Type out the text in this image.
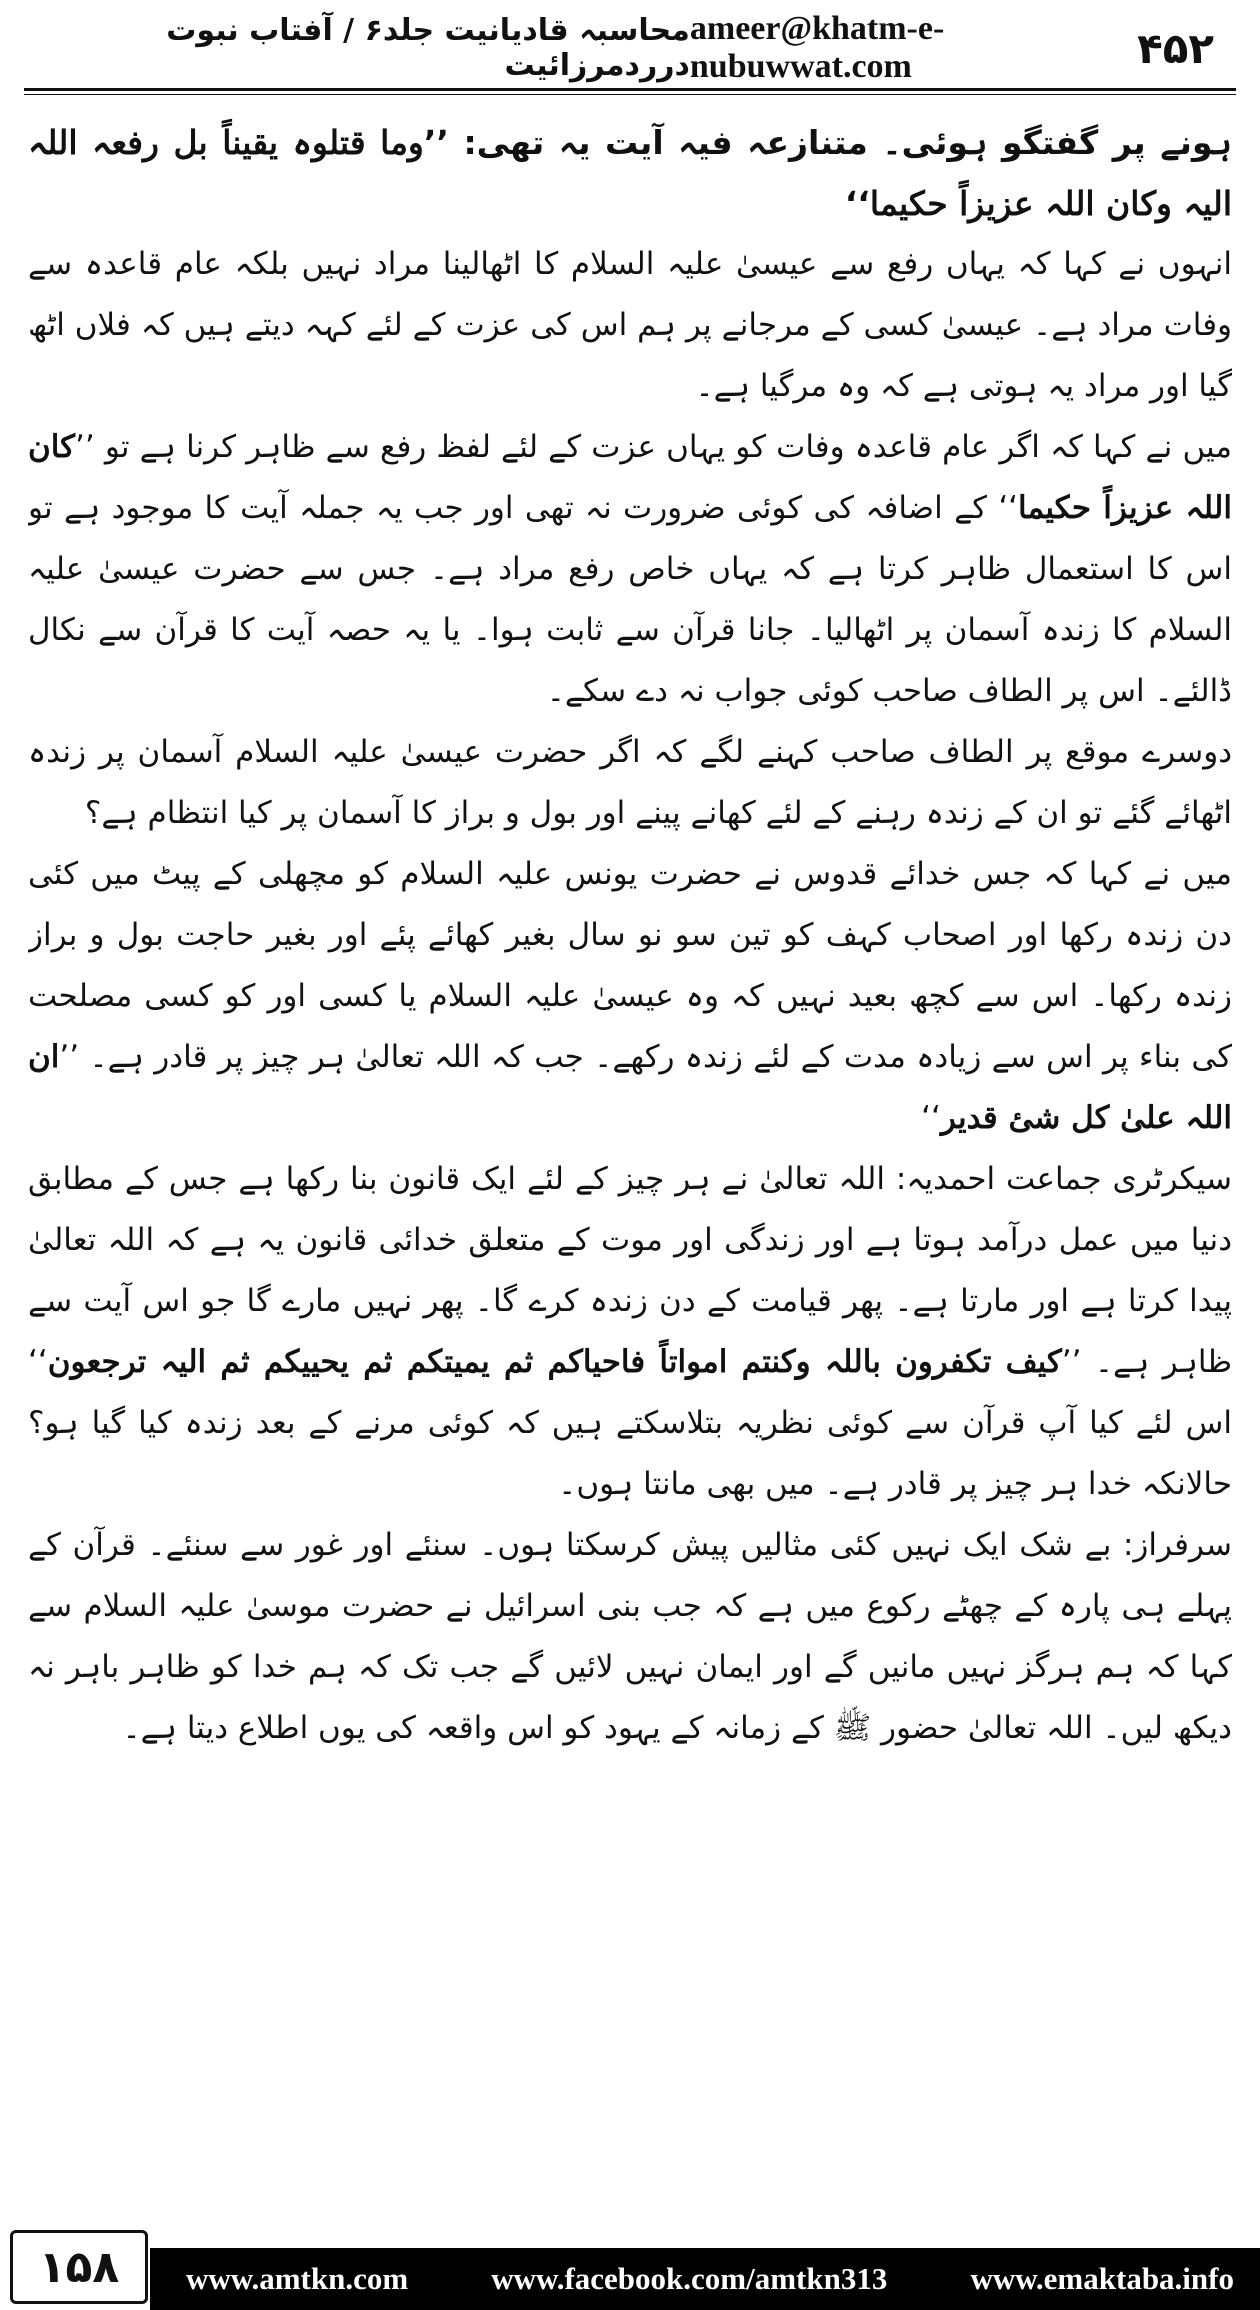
محاسبہ قادیانیت جلد۶ / آفتاب نبوت درردمرزائیت
ameer@khatm-e-nubuwwat.com	۴۵۲

ہونے پر گفتگو ہوئی۔ متنازعہ فیہ آیت یہ تھی: ’’وما قتلوہ یقیناً بل رفعہ اللہ الیہ وکان اللہ عزیزاً حکیما‘‘

انہوں نے کہا کہ یہاں رفع سے عیسیٰ علیہ السلام کا اٹھالینا مراد نہیں بلکہ عام قاعدہ سے وفات مراد ہے۔ عیسیٰ کسی کے مرجانے پر ہم اس کی عزت کے لئے کہہ دیتے ہیں کہ فلاں اٹھ گیا اور مراد یہ ہوتی ہے کہ وہ مرگیا ہے۔

میں نے کہا کہ اگر عام قاعدہ وفات کو یہاں عزت کے لئے لفظ رفع سے ظاہر کرنا ہے تو ’’کان اللہ عزیزاً حکیما‘‘ کے اضافہ کی کوئی ضرورت نہ تھی اور جب یہ جملہ آیت کا موجود ہے تو اس کا استعمال ظاہر کرتا ہے کہ یہاں خاص رفع مراد ہے۔ جس سے حضرت عیسیٰ علیہ السلام کا زندہ آسمان پر اٹھالیا۔ جانا قرآن سے ثابت ہوا۔ یا یہ حصہ آیت کا قرآن سے نکال ڈالئے۔ اس پر الطاف صاحب کوئی جواب نہ دے سکے۔

دوسرے موقع پر الطاف صاحب کہنے لگے کہ اگر حضرت عیسیٰ علیہ السلام آسمان پر زندہ اٹھائے گئے تو ان کے زندہ رہنے کے لئے کھانے پینے اور بول و براز کا آسمان پر کیا انتظام ہے؟

میں نے کہا کہ جس خدائے قدوس نے حضرت یونس علیہ السلام کو مچھلی کے پیٹ میں کئی دن زندہ رکھا اور اصحاب کہف کو تین سو نو سال بغیر کھائے پئے اور بغیر حاجت بول و براز زندہ رکھا۔ اس سے کچھ بعید نہیں کہ وہ عیسیٰ علیہ السلام یا کسی اور کو کسی مصلحت کی بناء پر اس سے زیادہ مدت کے لئے زندہ رکھے۔ جب کہ اللہ تعالیٰ ہر چیز پر قادر ہے۔ ’’ان اللہ علیٰ کل شئ قدیر‘‘

سیکرٹری جماعت احمدیہ: اللہ تعالیٰ نے ہر چیز کے لئے ایک قانون بنا رکھا ہے جس کے مطابق دنیا میں عمل درآمد ہوتا ہے اور زندگی اور موت کے متعلق خدائی قانون یہ ہے کہ اللہ تعالیٰ پیدا کرتا ہے اور مارتا ہے۔ پھر قیامت کے دن زندہ کرے گا۔ پھر نہیں مارے گا جو اس آیت سے ظاہر ہے۔ ’’کیف تکفرون باللہ وکنتم امواتاً فاحیاکم ثم یمیتکم ثم یحییکم ثم الیہ ترجعون‘‘ اس لئے کیا آپ قرآن سے کوئی نظریہ بتلاسکتے ہیں کہ کوئی مرنے کے بعد زندہ کیا گیا ہو؟ حالانکہ خدا ہر چیز پر قادر ہے۔ میں بھی مانتا ہوں۔

سرفراز: بے شک ایک نہیں کئی مثالیں پیش کرسکتا ہوں۔ سنئے اور غور سے سنئے۔ قرآن کے پہلے ہی پارہ کے چھٹے رکوع میں ہے کہ جب بنی اسرائیل نے حضرت موسیٰ علیہ السلام سے کہا کہ ہم ہرگز نہیں مانیں گے اور ایمان نہیں لائیں گے جب تک کہ ہم خدا کو ظاہر باہر نہ دیکھ لیں۔ اللہ تعالیٰ حضور ﷺ کے زمانہ کے یہود کو اس واقعہ کی یوں اطلاع دیتا ہے۔

۱۵۸	www.amtkn.com	www.facebook.com/amtkn313	www.emaktaba.info
